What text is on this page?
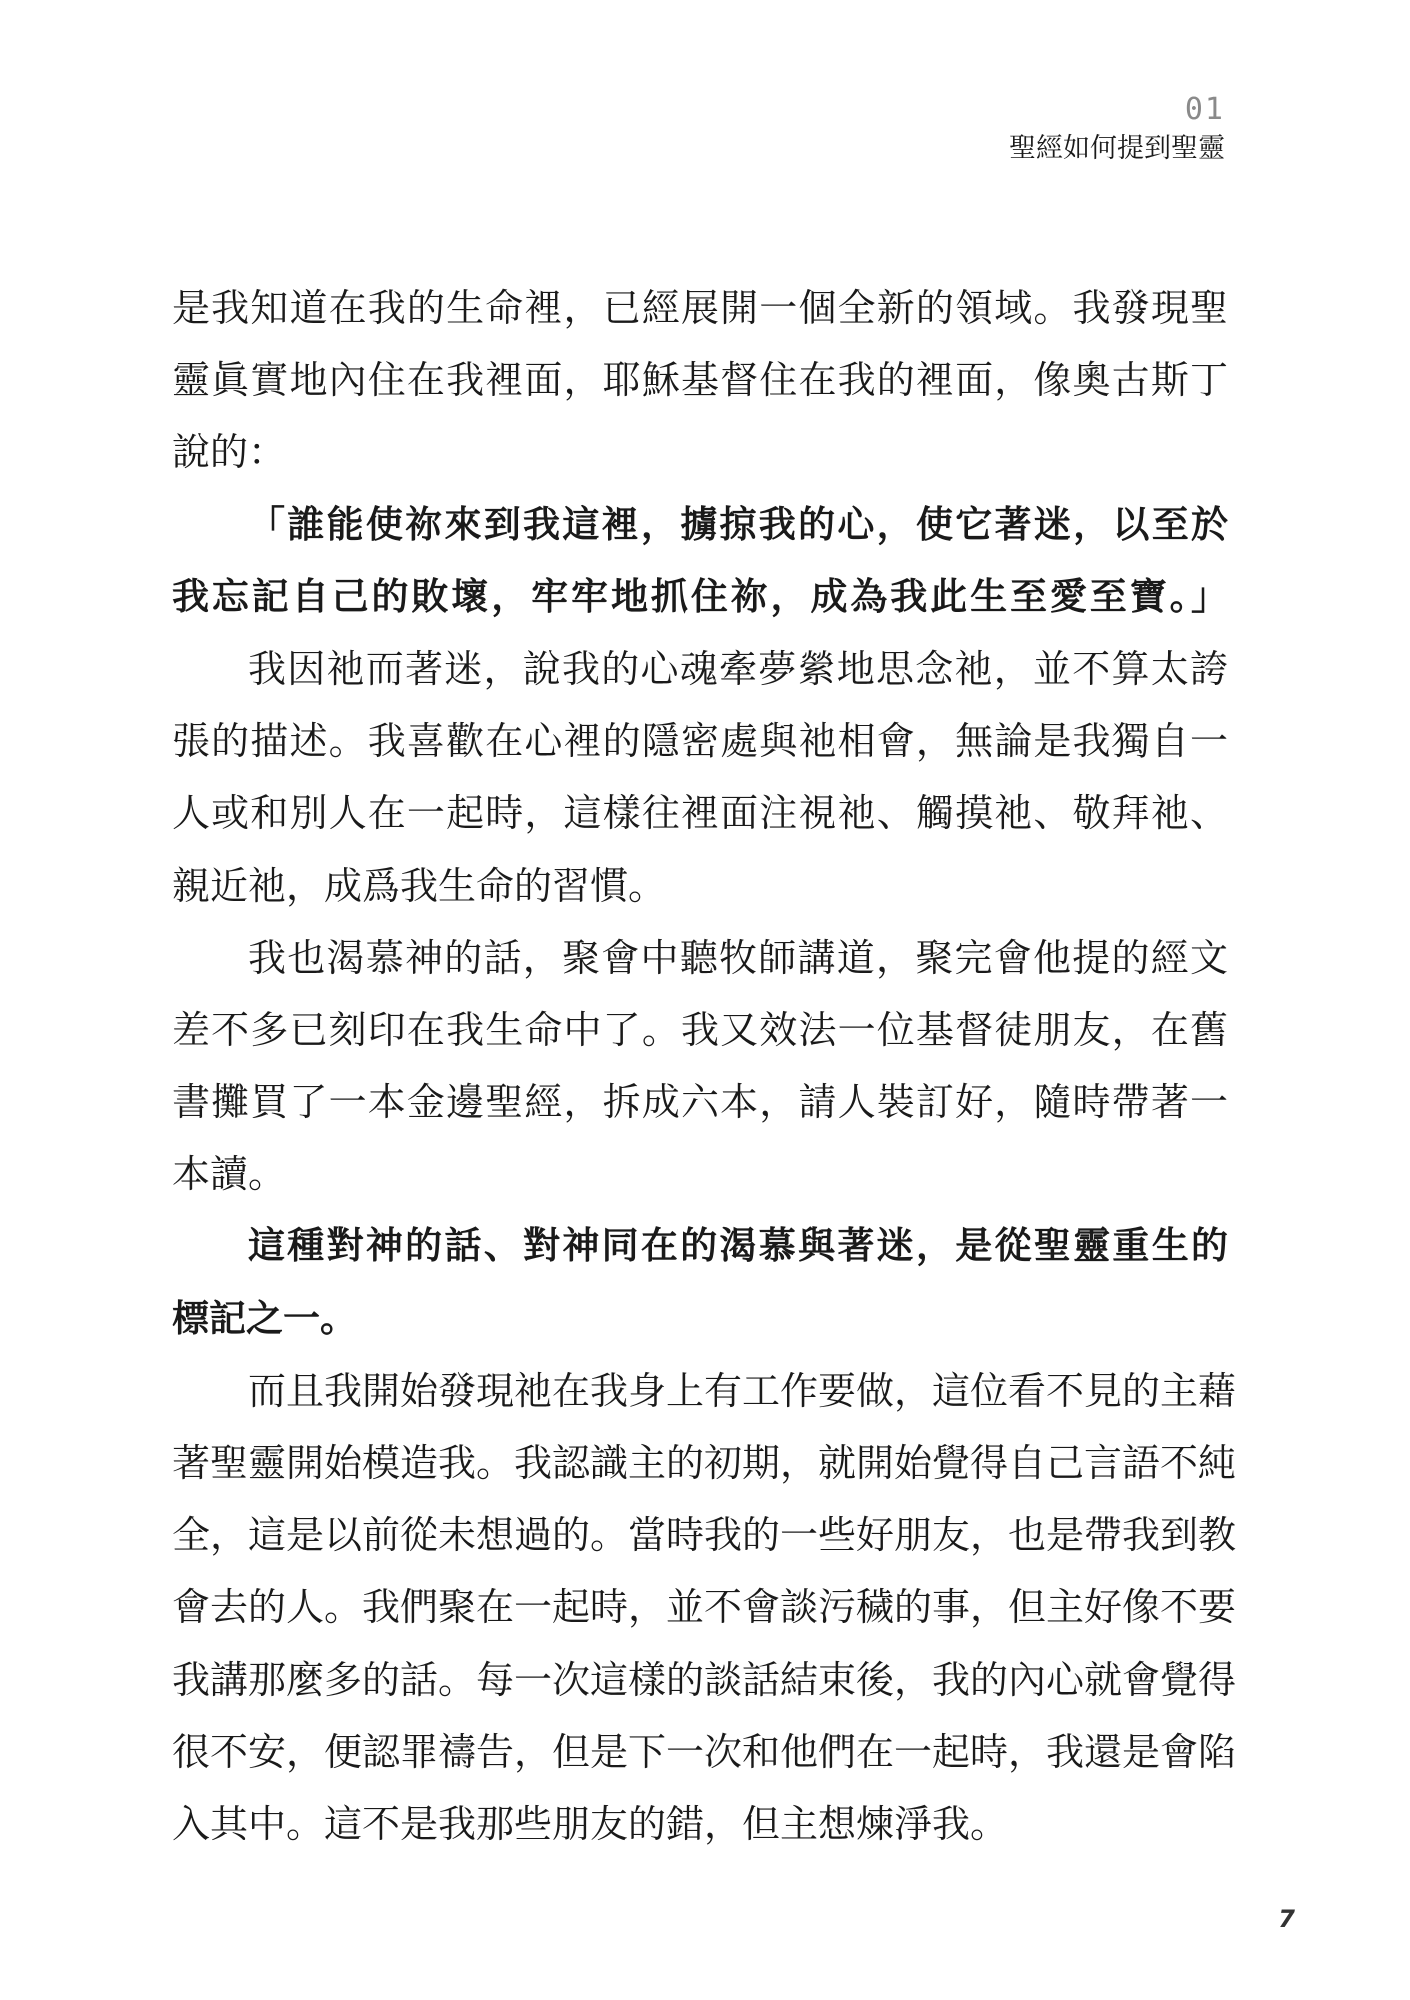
01
聖經如何提到聖靈
是我知道在我的生命裡，已經展開一個全新的領域。我發現聖
靈眞實地內住在我裡面，耶穌基督住在我的裡面，像奧古斯丁
說的：
「誰能使祢來到我這裡，擄掠我的心，使它著迷，以至於
我忘記自己的敗壞，牢牢地抓住祢，成為我此生至愛至寶。」
我因祂而著迷，說我的心魂牽夢縈地思念祂，並不算太誇
張的描述。我喜歡在心裡的隱密處與祂相會，無論是我獨自一
人或和別人在一起時，這樣往裡面注視祂、觸摸祂、敬拜祂、
親近祂，成爲我生命的習慣。
我也渴慕神的話，聚會中聽牧師講道，聚完會他提的經文
差不多已刻印在我生命中了。我又效法一位基督徒朋友，在舊
書攤買了一本金邊聖經，拆成六本，請人裝訂好，隨時帶著一
本讀。
這種對神的話、對神同在的渴慕與著迷，是從聖靈重生的
標記之一。
而且我開始發現祂在我身上有工作要做，這位看不見的主藉
著聖靈開始模造我。我認識主的初期，就開始覺得自己言語不純
全，這是以前從未想過的。當時我的一些好朋友，也是帶我到教
會去的人。我們聚在一起時，並不會談污穢的事，但主好像不要
我講那麼多的話。每一次這樣的談話結束後，我的內心就會覺得
很不安，便認罪禱告，但是下一次和他們在一起時，我還是會陷
入其中。這不是我那些朋友的錯，但主想煉淨我。
7
